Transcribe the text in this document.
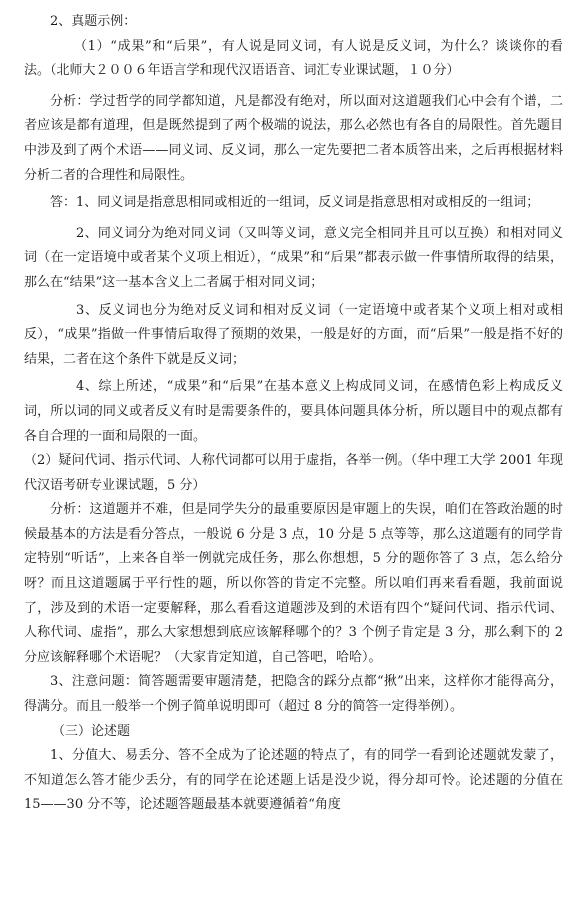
2、真题示例：

（1）“成果”和“后果”，有人说是同义词，有人说是反义词，为什么？谈谈你的看法。（北师大２００６年语言学和现代汉语语音、词汇专业课试题，１０分）

分析：学过哲学的同学都知道，凡是都没有绝对，所以面对这道题我们心中会有个谱，二者应该是都有道理，但是既然提到了两个极端的说法，那么必然也有各自的局限性。首先题目中涉及到了两个术语——同义词、反义词，那么一定先要把二者本质答出来，之后再根据材料分析二者的合理性和局限性。

答：1、同义词是指意思相同或相近的一组词，反义词是指意思相对或相反的一组词；

2、同义词分为绝对同义词（又叫等义词，意义完全相同并且可以互换）和相对同义词（在一定语境中或者某个义项上相近），“成果”和“后果”都表示做一件事情所取得的结果，那么在“结果”这一基本含义上二者属于相对同义词；

3、反义词也分为绝对反义词和相对反义词（一定语境中或者某个义项上相对或相反），“成果”指做一件事情后取得了预期的效果，一般是好的方面，而“后果”一般是指不好的结果，二者在这个条件下就是反义词；

4、综上所述，“成果”和“后果”在基本意义上构成同义词，在感情色彩上构成反义词，所以词的同义或者反义有时是需要条件的，要具体问题具体分析，所以题目中的观点都有各自合理的一面和局限的一面。

（2）疑问代词、指示代词、人称代词都可以用于虚指，各举一例。（华中理工大学 2001 年现代汉语考研专业课试题，5 分）

分析：这道题并不难，但是同学失分的最重要原因是审题上的失误，咱们在答政治题的时候最基本的方法是看分答点，一般说 6 分是 3 点，10 分是 5 点等等，那么这道题有的同学肯定特别“听话”，上来各自举一例就完成任务，那么你想想，5 分的题你答了 3 点，怎么给分呀？而且这道题属于平行性的题，所以你答的肯定不完整。所以咱们再来看看题，我前面说了，涉及到的术语一定要解释，那么看看这道题涉及到的术语有四个“疑问代词、指示代词、人称代词、虚指”，那么大家想想到底应该解释哪个的？3 个例子肯定是 3 分，那么剩下的 2 分应该解释哪个术语呢？（大家肯定知道，自己答吧，哈哈）。

3、注意问题：简答题需要审题清楚，把隐含的踩分点都“揪”出来，这样你才能得高分，得满分。而且一般举一个例子简单说明即可（超过 8 分的简答一定得举例）。

（三）论述题

1、分值大、易丢分、答不全成为了论述题的特点了，有的同学一看到论述题就发蒙了，不知道怎么答才能少丢分，有的同学在论述题上话是没少说，得分却可怜。论述题的分值在 15——30 分不等，论述题答题最基本就要遵循着“角度
